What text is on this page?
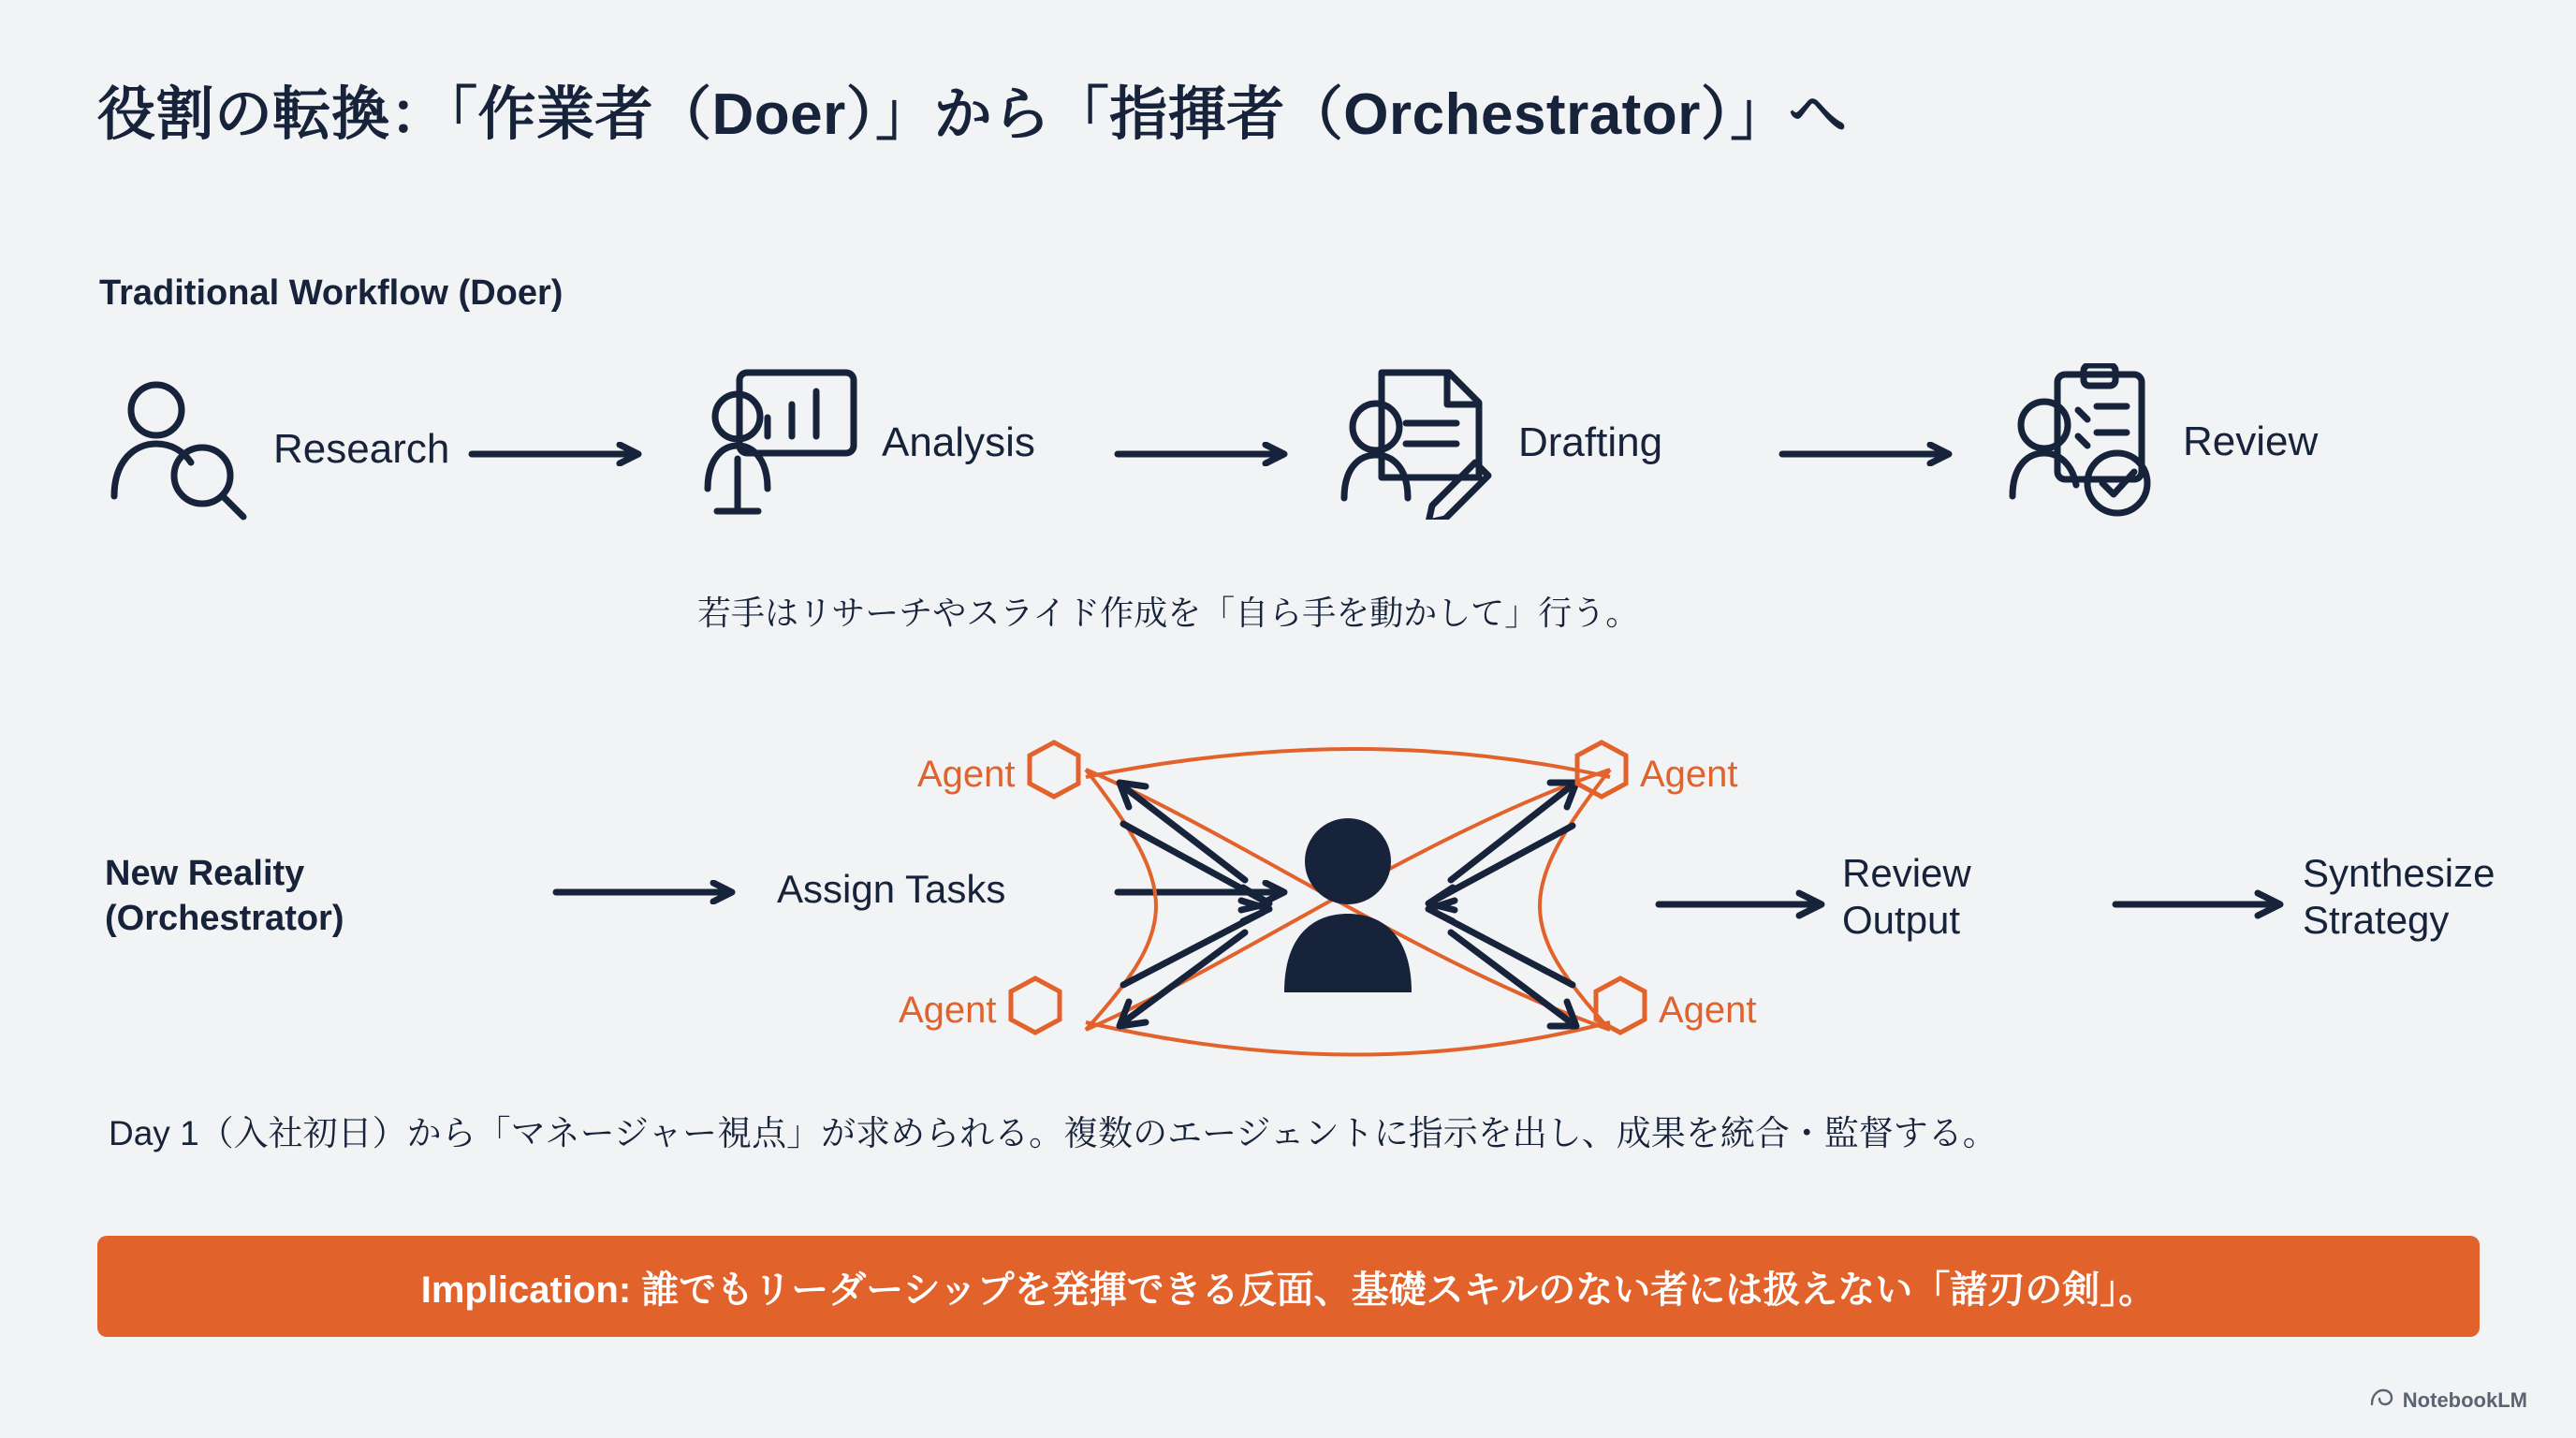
役割の転換：「作業者（Doer）」から「指揮者（Orchestrator）」へ
Traditional Workflow (Doer)
Research	Analysis	Drafting	Review
若手はリサーチやスライド作成を「自ら手を動かして」行う。
New Reality
(Orchestrator)
Assign Tasks
Agent	Agent
Agent	Agent
Review
Output
Synthesize
Strategy
Day 1（入社初日）から「マネージャー視点」が求められる。複数のエージェントに指示を出し、成果を統合・監督する。
Implication: 誰でもリーダーシップを発揮できる反面、基礎スキルのない者には扱えない「諸刃の剣」。
NotebookLM
